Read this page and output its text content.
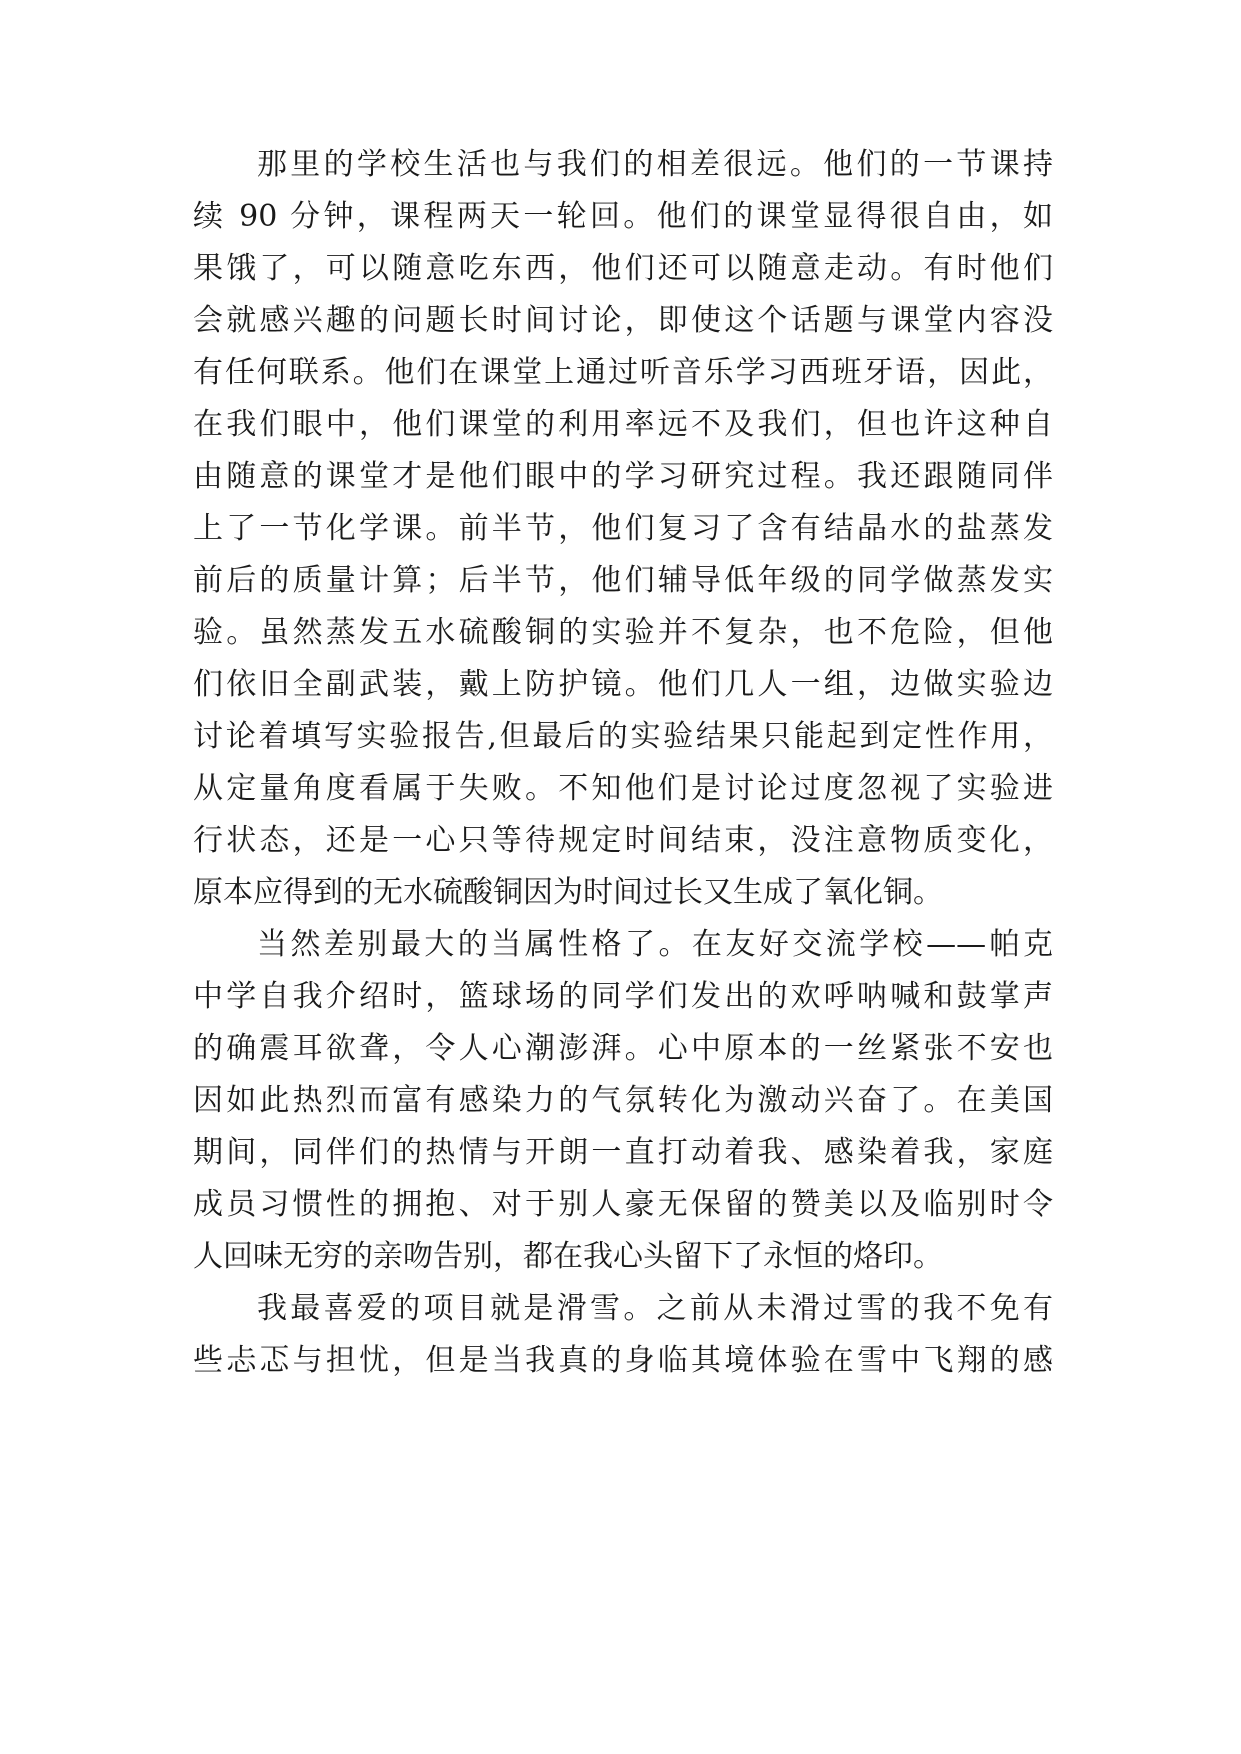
那里的学校生活也与我们的相差很远。他们的一节课持
续 90 分钟，课程两天一轮回。他们的课堂显得很自由，如
果饿了，可以随意吃东西，他们还可以随意走动。有时他们
会就感兴趣的问题长时间讨论，即使这个话题与课堂内容没
有任何联系。他们在课堂上通过听音乐学习西班牙语，因此，
在我们眼中，他们课堂的利用率远不及我们，但也许这种自
由随意的课堂才是他们眼中的学习研究过程。我还跟随同伴
上了一节化学课。前半节，他们复习了含有结晶水的盐蒸发
前后的质量计算；后半节，他们辅导低年级的同学做蒸发实
验。虽然蒸发五水硫酸铜的实验并不复杂，也不危险，但他
们依旧全副武装，戴上防护镜。他们几人一组，边做实验边
讨论着填写实验报告,但最后的实验结果只能起到定性作用，
从定量角度看属于失败。不知他们是讨论过度忽视了实验进
行状态，还是一心只等待规定时间结束，没注意物质变化，
原本应得到的无水硫酸铜因为时间过长又生成了氧化铜。
当然差别最大的当属性格了。在友好交流学校——帕克
中学自我介绍时，篮球场的同学们发出的欢呼呐喊和鼓掌声
的确震耳欲聋，令人心潮澎湃。心中原本的一丝紧张不安也
因如此热烈而富有感染力的气氛转化为激动兴奋了。在美国
期间，同伴们的热情与开朗一直打动着我、感染着我，家庭
成员习惯性的拥抱、对于别人豪无保留的赞美以及临别时令
人回味无穷的亲吻告别，都在我心头留下了永恒的烙印。
我最喜爱的项目就是滑雪。之前从未滑过雪的我不免有
些忐忑与担忧，但是当我真的身临其境体验在雪中飞翔的感
